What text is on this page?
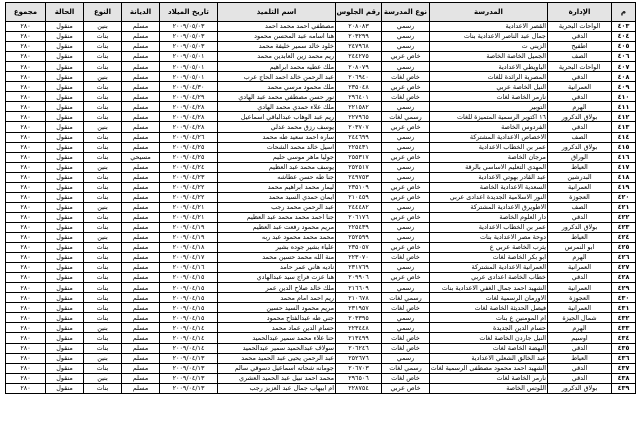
م	الإدارة	المدرسة	نوع المدرسة	رقم الجلوس	اسم التلميذ	تاريخ الميلاد	الديانة	النوع	الحالة	مجموع
٤٠٣	الواحات البحرية	القصر الاعدادية	رسمي	٢٠٨٠٨٣	مصطفي احمد محمد احمد	٢٠٠٩/٠٥/٠٣	مسلم	بنين	منقول	٢٨٠
٤٠٤	الدقي	جمال عبد الناصر الاعدادية بنات	رسمي	٢٠٣٢٩٩	هنا اسامه عبد المحسن محمود	٢٠٠٩/٠٥/٠٣	مسلم	بنات	منقول	٢٨٠
٤٠٥	اطفيح	الزيني ت	رسمي	٢٤٧٩٦٨	خلود خالد سمير خليفة محمد	٢٠٠٩/٠٥/٠٣	مسلم	بنات	منقول	٢٨٠
٤٠٦	الصف	الجميل الخاصة الخاصة	خاص عربي	٢٤٤٢٧٥	ريم محمد زين العابدين محمد	٢٠٠٩/٠٥/٠١	مسلم	بنات	منقول	٢٨٠
٤٠٧	الواحات البحرية	الباويطي الاعدادية	رسمي	٢٠٨٠٧٩	ملك عطيه محمد ابراهيم	٢٠٠٩/٠٥/٠١	مسلم	بنات	منقول	٢٨٠
٤٠٨	الدقي	المصرية الرائدة للغات	خاص لغات	٢٠٦٩٤٠	عبد الرحمن خالد احمد الحاج عرب	٢٠٠٩/٠٥/٠١	مسلم	بنين	منقول	٢٨٠
٤٠٩	العمرانية	النيل الخاصة عربي	خاص عربي	٢٣٥٠٤٨	ملك محمود مرسي محمد	٢٠٠٩/٠٤/٣٠	مسلم	بنات	منقول	٢٨٠
٤١٠	الدقي	نارمر الخاصة لغات	خاص لغات	٢٩٦٤٠١	نور حسن مصطفي محمد عبد الهادي	٢٠٠٩/٠٤/٢٩	مسلم	بنات	منقول	٢٨٠
٤١١	الهرم	التوبير	رسمي	٢٢١٥٨٢	ملك علاء حمدي محمد الهادي	٢٠٠٩/٠٤/٢٨	مسلم	بنات	منقول	٢٨٠
٤١٢	بولاق الدكرور	١٦ اكتوبر الرسمية المتميزة للغات	رسمي لغات	٢٢٧٩٦٥	ريم عبد الوهاب عبدالباقي اسماعيل	٢٠٠٩/٠٤/٢٨	مسلم	بنات	منقول	٢٨٠
٤١٣	الدقي	الفردوس الخاصة	خاص عربي	٢٠٣٧٠٧	يوسف رزق محمد عدلي	٢٠٠٩/٠٤/٢٨	مسلم	بنين	منقول	٢٨٠
٤١٤	الصف	الاخصاص الاعدادية المشتركة	رسمي	٢٤٤٦٩٩	ساره احمد سعيد طه محمد	٢٠٠٩/٠٤/٢٦	مسلم	بنات	منقول	٢٨٠
٤١٥	بولاق الدكرور	عمر بن الخطاب الاعدادية	رسمي	٢٢٥٤٣١	اسيل خالد محمد الشحات	٢٠٠٩/٠٤/٢٥	مسلم	بنات	منقول	٢٨٠
٤١٦	الوراق	مرجان الخاصة	خاص عربي	٢٥٥٣١٧	جوليا ماهر موسي حليم	٢٠٠٩/٠٤/٢٥	مسيحي	بنات	منقول	٢٨٠
٤١٧	العياط	المهدي التعليم الاساسي بالرقة	رسمي	٢٥٢٥١٧	يوسف محمد عبد العظيم	٢٠٠٩/٠٤/٢٤	مسلم	بنين	منقول	٢٨٠
٤١٨	البدرشين	عبد القادر بهوتي الاعدادية	رسمي	٢٤٩٧٥٣	جنا طه حسن عطاشه	٢٠٠٩/٠٤/٢٣	مسلم	بنات	منقول	٢٨٠
٤١٩	العمرانية	السعدية الاعدادية الخاصة	خاص عربي	٢٣٥١٠٩	ليمار محمد ابراهيم محمد	٢٠٠٩/٠٤/٢٢	مسلم	بنات	منقول	٢٨٠
٤٢٠	العجوزة	النور الاسلامية الجديدة اعدادى عربي	خاص عربي	٢١٠٤٥٩	ايمان حمدي السيد محمد	٢٠٠٩/٠٤/٢٢	مسلم	بنات	منقول	٢٨٠
٤٢١	الصف	الاطويرق الاعدادية المشتركة	رسمي	٢٤٤٤٨٢	عبد الرحمن محمد رجب	٢٠٠٩/٠٤/٢١	مسلم	بنين	منقول	٢٨٠
٤٢٢	الدقي	دار العلوم الخاصة	خاص عربي	٢٠٦١٧٦	جنا احمد محمد محمد عبد العظيم	٢٠٠٩/٠٤/٢١	مسلم	بنات	منقول	٢٨٠
٤٢٣	بولاق الدكرور	عمر بن الخطاب الاعدادية	رسمي	٢٢٥٤٣٩	مريم محمود رفعت عبد العظيم	٢٠٠٩/٠٤/١٩	مسلم	بنات	منقول	٢٨٠
٤٢٤	العياط	دوحة مصر الاعدادية بنات	رسمي	٢٥٢٥٩٩	محمد محمد محمود عبد ربه	٢٠٠٩/٠٤/١٩	مسلم	بنين	منقول	٢٨٠
٤٢٥	ابو النمرس	يثرب الخاصة عربي ع	خاص عربي	٢٣٥٠٥٧	علياء بشير جوده بشير	٢٠٠٩/٠٤/١٨	مسلم	بنات	منقول	٢٨٠
٤٢٦	الهرم	ابو بكر الخاصة لغات	خاص لغات	٢٢٣٠٧٠	منة الله محمد حسين محمد	٢٠٠٩/٠٤/١٧	مسلم	بنات	منقول	٢٨٠
٤٢٧	العمرانية	العمرانية الاعدادية المشتركة	رسمي	٢٣١٧٦٩	ناديه هاني عمر حامد	٢٠٠٩/٠٤/١٦	مسلم	بنات	منقول	٢٨٠
٤٢٨	الدقي	خطاب الخاصة اعدادى عربي	خاص عربي	٢٠٩٩٠٦	هنا عزت فراج سيد عبدالهادي	٢٠٠٩/٠٤/١٥	مسلم	بنات	منقول	٢٨٠
٤٢٩	العمرانية	الشهيد احمد جمال الغفي الاعدادية بنات	رسمي	٢١٦٦٠٩	ملك خالد صلاح الدين عمر	٢٠٠٩/٠٤/١٥	مسلم	بنات	منقول	٢٨٠
٤٣٠	العجوزة	الاورمان الرسمية لغات	رسمي لغات	٢١٠٦٧٨	ريم احمد امام محمد	٢٠٠٩/٠٤/١٥	مسلم	بنات	منقول	٢٨٠
٤٣١	العمرانية	فيصل الحديثة الخاصة لغات	خاص لغات	٢٣١٩٥٧	مريم محمود السيد حسين	٢٠٠٩/٠٤/١٥	مسلم	بنات	منقول	٢٨٠
٤٣٢	شمال الجيزة	ام المومنين ع بنات	رسمي	٢٠٣٣٩٥	جني طه عبدالفتاح محمود	٢٠٠٩/٠٤/١٥	مسلم	بنات	منقول	٢٨٠
٤٣٣	الهرم	حسام الدين الجديدة	رسمي	٢٢٣٤٤٨	حسام الدين عماد محمد	٢٠٠٩/٠٤/١٤	مسلم	بنين	منقول	٢٨٠
٤٣٤	اوسيم	النيل جاردن الخاصة لغات	خاص لغات	٢١٣٤٩٩	حنا علاء محمد سمير عبدالحميد	٢٠٠٩/٠٤/١٤	مسلم	بنات	منقول	٢٨٠
٤٣٥	الدقي	النهضة الخاصة لغات	خاص لغات	٢٠٦٢٤٦	سولاف عبدالحميد سمير عبدالحميد	٢٠٠٩/٠٤/١٤	مسلم	بنات	منقول	٢٨٠
٤٣٦	العياط	عبد الخالق الشعلي الاعدادية	رسمي	٢٥٢٦٧٦	عبد الرحمن يحيى عبد الحميد محمد	٢٠٠٩/٠٤/١٣	مسلم	بنين	منقول	٢٨٠
٤٣٧	الدقي	الشهيد احمد محمود مصطفى الرسمية لغات	رسمي لغات	٢٠٦٧٠٣	جومانه شحاته اسماعيل دسوقي سالم	٢٠٠٩/٠٤/١٣	مسلم	بنات	منقول	٢٨٠
٤٣٨	الدقي	نارمر الخاصة لغات	خاص لغات	٢٩٦٥٠٦	محمد احمد نبيل عبد الحميد العشري	٢٠٠٩/٠٤/١٣	مسلم	بنين	منقول	٢٨٠
٤٣٩	بولاق الدكرور	اللوتس الخاصة	خاص عربي	٢٢٨٧٥٤	ام ابيهاب جمال عبد العزيز رجب	٢٠٠٩/٠٤/١٣	مسلم	بنات	منقول	٢٨٠
